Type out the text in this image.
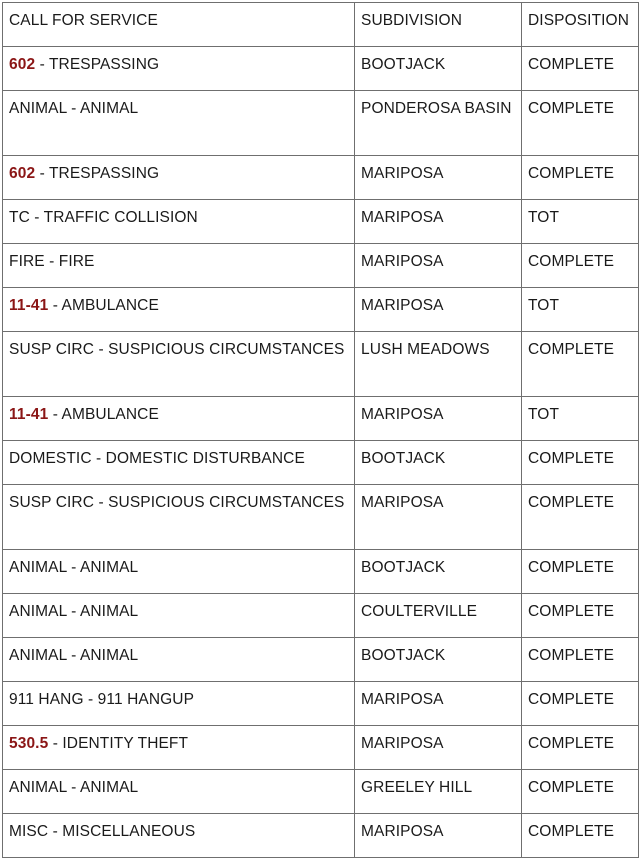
CALL FOR SERVICE	SUBDIVISION	DISPOSITION
602 - TRESPASSING	BOOTJACK	COMPLETE
ANIMAL - ANIMAL	PONDEROSA BASIN	COMPLETE
602 - TRESPASSING	MARIPOSA	COMPLETE
TC - TRAFFIC COLLISION	MARIPOSA	TOT
FIRE - FIRE	MARIPOSA	COMPLETE
11-41 - AMBULANCE	MARIPOSA	TOT
SUSP CIRC - SUSPICIOUS CIRCUMSTANCES	LUSH MEADOWS	COMPLETE
11-41 - AMBULANCE	MARIPOSA	TOT
DOMESTIC - DOMESTIC DISTURBANCE	BOOTJACK	COMPLETE
SUSP CIRC - SUSPICIOUS CIRCUMSTANCES	MARIPOSA	COMPLETE
ANIMAL - ANIMAL	BOOTJACK	COMPLETE
ANIMAL - ANIMAL	COULTERVILLE	COMPLETE
ANIMAL - ANIMAL	BOOTJACK	COMPLETE
911 HANG - 911 HANGUP	MARIPOSA	COMPLETE
530.5 - IDENTITY THEFT	MARIPOSA	COMPLETE
ANIMAL - ANIMAL	GREELEY HILL	COMPLETE
MISC - MISCELLANEOUS	MARIPOSA	COMPLETE
